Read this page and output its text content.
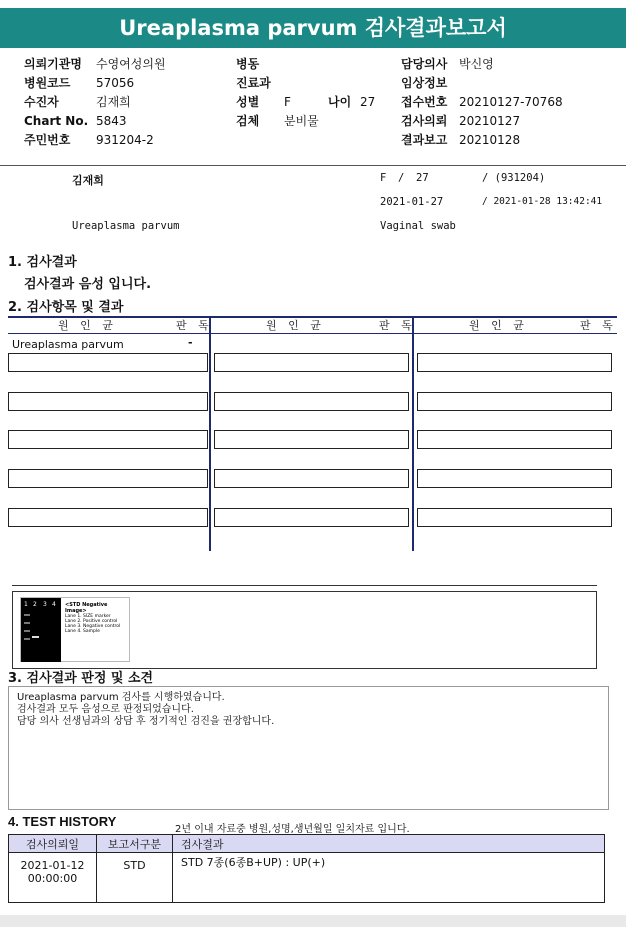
Ureaplasma parvum 검사결과보고서
의뢰기관명 수영여성의원
병원코드 57056
수진자	김재희
Chart No. 5843
주민번호 931204-2
병동
진료과
성별 F	나이 27
검체 분비물
담당의사 박신영
임상정보
접수번호 20210127-70768
검사의뢰 20210127
결과보고 20210128
김재희	F / 27	/ (931204)
2021-01-27	/ 2021-01-28 13:42:41
Ureaplasma parvum	Vaginal swab
1. 검사결과
검사결과 음성 입니다.
2. 검사항목 및 결과
원 인 균	판 독	원 인 균	판 독	원 인 균	판 독
Ureaplasma parvum	-
1 2 3 4 <STD Negative Image>
Lane 1. SIZE marker
Lane 2. Positive control
Lane 3. Negative control
Lane 4. Sample
3. 검사결과 판정 및 소견
Ureaplasma parvum 검사를 시행하였습니다.
검사결과 모두 음성으로 판정되었습니다.
담당 의사 선생님과의 상담 후 정기적인 검진을 권장합니다.
4. TEST HISTORY
2년 이내 자료중 병원,성명,생년월일 일치자료 입니다.
검사의뢰일	보고서구분	검사결과

2021-01-12
00:00:00	STD	STD 7종(6종B+UP) : UP(+)
